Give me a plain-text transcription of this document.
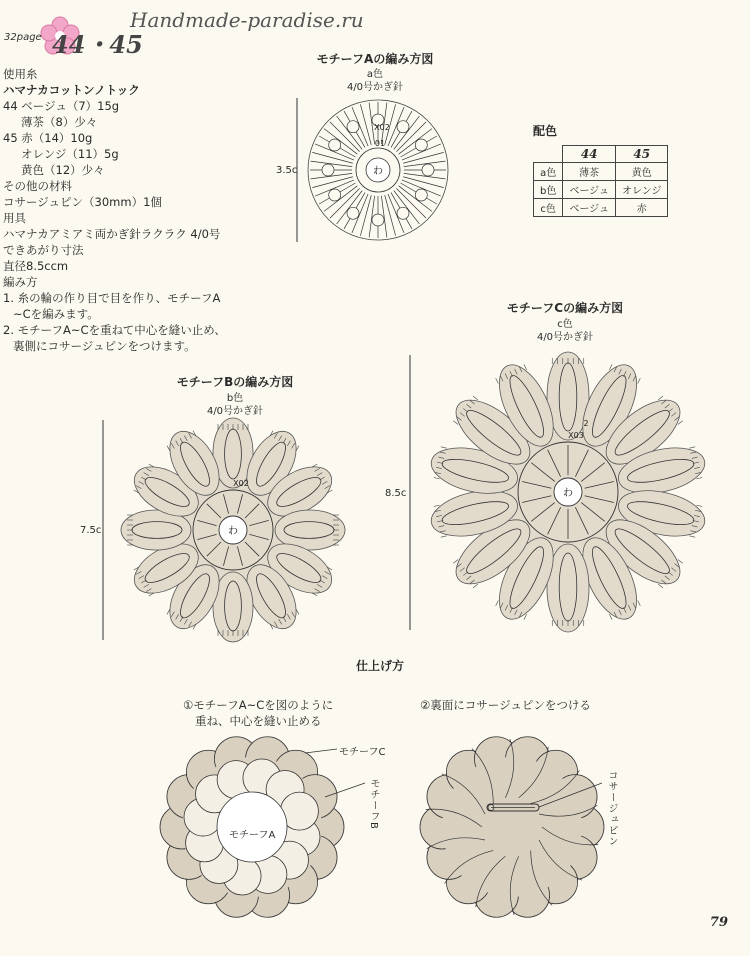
Handmade-paradise.ru
32page 44・45
使用糸
ハマナカコットンノトック
44 ベージュ（7）15g
薄茶（8）少々
45 赤（14）10g
オレンジ（11）5g
黄色（12）少々
その他の材料
コサージュピン（30mm）1個
用具
ハマナカアミアミ両かぎ針ラクラク 4/0号
できあがり寸法
直径8.5ccm
編み方
1. 糸の輪の作り目で目を作り、モチーフA
~Cを編みます。
2. モチーフA~Cを重ねて中心を縫い止め、
裏側にコサージュピンをつけます。
モチーフAの編み方図
a色
4/0号かぎ針
3.5c	わ
01
X02	配色
	44	45
a色	薄茶	黄色
b色	ベージュ	オレンジ
c色	ベージュ	赤
モチーフBの編み方図
b色
4/0号かぎ針
7.5c	わ
X02
モチーフCの編み方図
c色
4/0号かぎ針
8.5c	わ
X03
2
仕上げ方
①モチーフA~Cを図のように
重ね、中心を縫い止める
②裏面にコサージュピンをつける
モチーフC
モチーフB
モチーフA	コサージュピン
79
